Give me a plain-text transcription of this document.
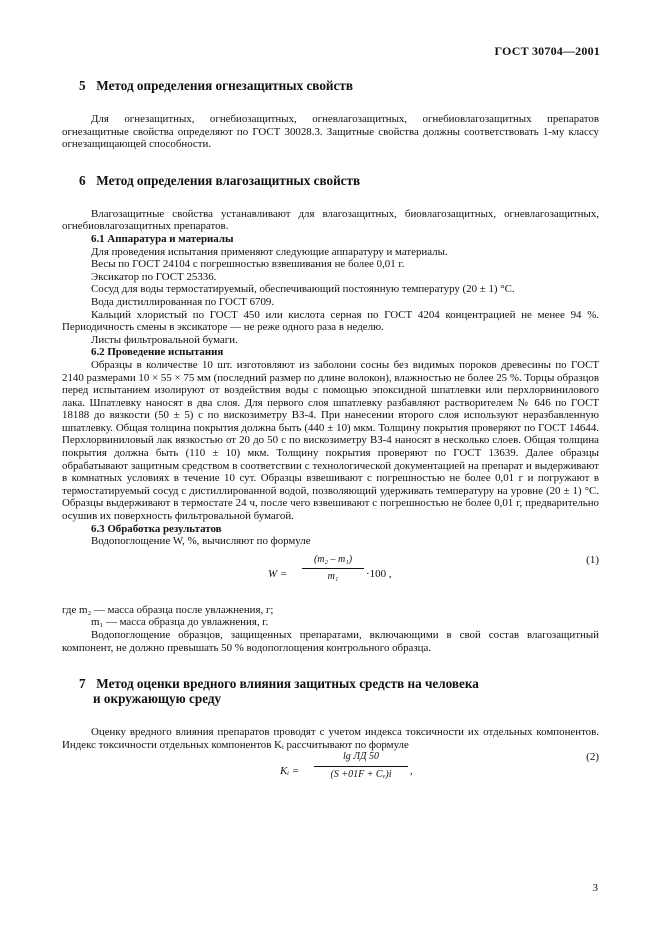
ГОСТ 30704—2001
5 Метод определения огнезащитных свойств

Для огнезащитных, огнебиозащитных, огневлагозащитных, огнебиовлагозащитных препаратов огнезащитные свойства определяют по ГОСТ 30028.3. Защитные свойства должны соответствовать 1-му классу огнезащищающей способности.

6 Метод определения влагозащитных свойств

Влагозащитные свойства устанавливают для влагозащитных, биовлагозащитных, огневлагозащитных, огнебиовлагозащитных препаратов.

6.1 Аппаратура и материалы

Для проведения испытания применяют следующие аппаратуру и материалы.

Весы по ГОСТ 24104 с погрешностью взвешивания не более 0,01 г.

Эксикатор по ГОСТ 25336.

Сосуд для воды термостатируемый, обеспечивающий постоянную температуру (20 ± 1) °С.

Вода дистиллированная по ГОСТ 6709.

Кальций хлористый по ГОСТ 450 или кислота серная по ГОСТ 4204 концентрацией не менее 94 %. Периодичность смены в эксикаторе — не реже одного раза в неделю.

Листы фильтровальной бумаги.

6.2 Проведение испытания

Образцы в количестве 10 шт. изготовляют из заболони сосны без видимых пороков древесины по ГОСТ 2140 размерами 10 × 55 × 75 мм (последний размер по длине волокон), влажностью не более 25 %. Торцы образцов перед испытанием изолируют от воздействия воды с помощью эпоксидной шпатлевки или перхлорвинилового лака. Шпатлевку наносят в два слоя. Для первого слоя шпатлевку разбавляют растворителем № 646 по ГОСТ 18188 до вязкости (50 ± 5) с по вискозиметру ВЗ-4. При нанесении второго слоя используют неразбавленную шпатлевку. Общая толщина покрытия должна быть (440 ± 10) мкм. Толщину покрытия проверяют по ГОСТ 14644. Перхлорвиниловый лак вязкостью от 20 до 50 с по вискозиметру ВЗ-4 наносят в несколько слоев. Общая толщина покрытия должна быть (110 ± 10) мкм. Толщину покрытия проверяют по ГОСТ 13639. Далее образцы обрабатывают защитным средством в соответствии с технологической документацией на препарат и выдерживают в комнатных условиях в течение 10 сут. Образцы взвешивают с погрешностью не более 0,01 г и погружают в термостатируемый сосуд с дистиллированной водой, позволяющий удерживать температуру на уровне (20 ± 1) °С. Образцы выдерживают в термостате 24 ч, после чего взвешивают с погрешностью не более 0,01 г, предварительно осушив их поверхность фильтровальной бумагой.

6.3 Обработка результатов

Водопоглощение W, %, вычисляют по формуле

$W = \frac{\text{(m₂ – m₁)}}{\text{m₁}} \cdot 100$ ,
(1)
где m₂ — масса образца после увлажнения, г;
m₁ — масса образца до увлажнения, г.

Водопоглощение образцов, защищенных препаратами, включающими в свой состав влагозащитный компонент, не должно превышать 50 % водопоглощения контрольного образца.

7 Метод оценки вредного влияния защитных средств на человека
и окружающую среду

Оценку вредного влияния препаратов проводят с учетом индекса токсичности их отдельных компонентов. Индекс токсичности отдельных компонентов Kᵢ рассчитывают по формуле

Kᵢ =
lg ЛД 50
(S +01F + Cᵥ)i	,
(2)
3
